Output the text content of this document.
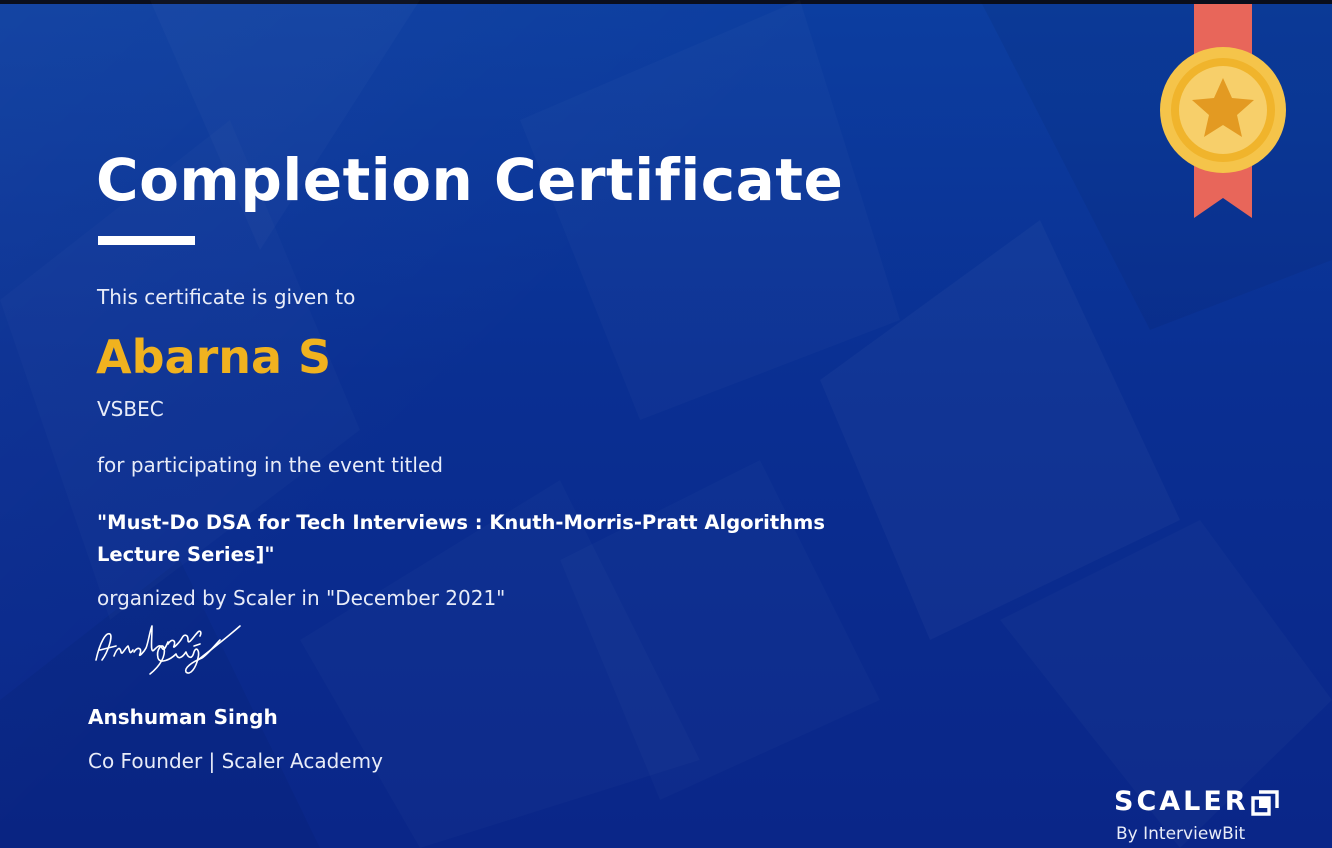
Completion Certificate
This certificate is given to
Abarna S
VSBEC
for participating in the event titled
"Must-Do DSA for Tech Interviews : Knuth-Morris-Pratt Algorithms
Lecture Series]"
organized by Scaler in "December 2021"
Anshuman Singh
Co Founder | Scaler Academy
SCALER
By InterviewBit
